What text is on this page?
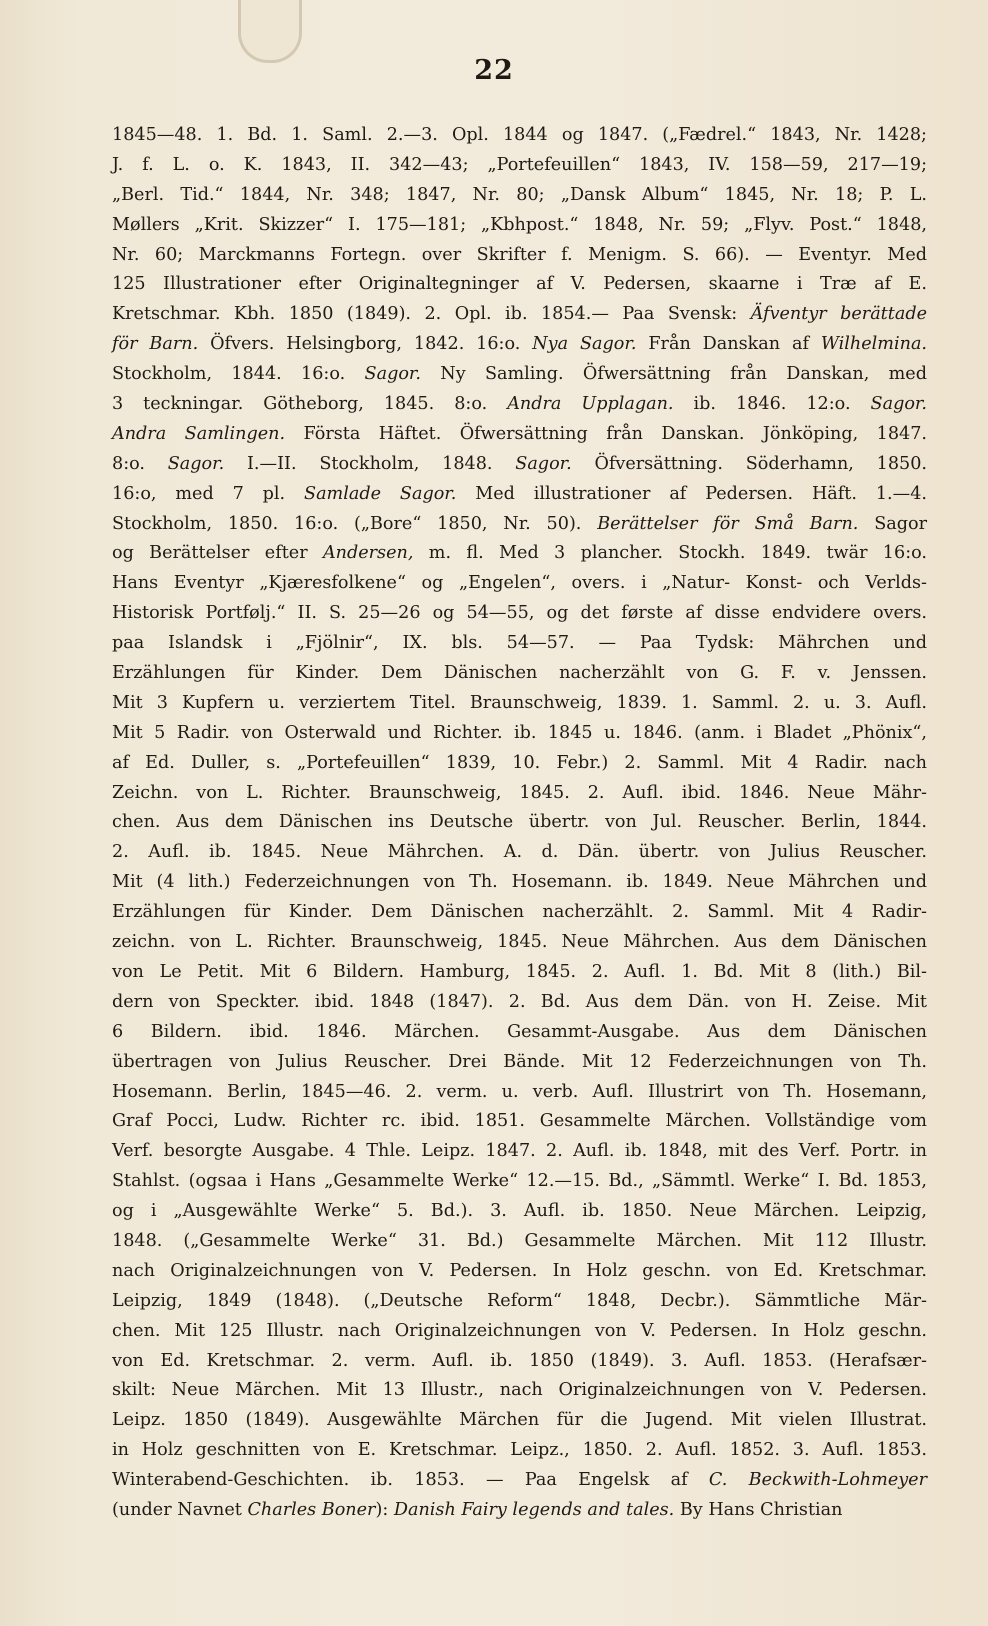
22
1845—48. 1. Bd. 1. Saml. 2.—3. Opl. 1844 og 1847. („Fædrel.“ 1843, Nr. 1428;
J. f. L. o. K. 1843, II. 342—43; „Portefeuillen“ 1843, IV. 158—59, 217—19;
„Berl. Tid.“ 1844, Nr. 348; 1847, Nr. 80; „Dansk Album“ 1845, Nr. 18; P. L.
Møllers „Krit. Skizzer“ I. 175—181; „Kbhpost.“ 1848, Nr. 59; „Flyv. Post.“ 1848,
Nr. 60; Marckmanns Fortegn. over Skrifter f. Menigm. S. 66). — Eventyr. Med
125 Illustrationer efter Originaltegninger af V. Pedersen, skaarne i Træ af E.
Kretschmar. Kbh. 1850 (1849). 2. Opl. ib. 1854.— Paa Svensk: Äfventyr berättade
för Barn. Öfvers. Helsingborg, 1842. 16:o. Nya Sagor. Från Danskan af Wilhelmina.
Stockholm, 1844. 16:o. Sagor. Ny Samling. Öfwersättning från Danskan, med
3 teckningar. Götheborg, 1845. 8:o. Andra Upplagan. ib. 1846. 12:o. Sagor.
Andra Samlingen. Första Häftet. Öfwersättning från Danskan. Jönköping, 1847.
8:o. Sagor. I.—II. Stockholm, 1848. Sagor. Öfversättning. Söderhamn, 1850.
16:o, med 7 pl. Samlade Sagor. Med illustrationer af Pedersen. Häft. 1.—4.
Stockholm, 1850. 16:o. („Bore“ 1850, Nr. 50). Berättelser för Små Barn. Sagor
og Berättelser efter Andersen, m. fl. Med 3 plancher. Stockh. 1849. twär 16:o.
Hans Eventyr „Kjæresfolkene“ og „Engelen“, overs. i „Natur- Konst- och Verlds-
Historisk Portfølj.“ II. S. 25—26 og 54—55, og det første af disse endvidere overs.
paa Islandsk i „Fjölnir“, IX. bls. 54—57. — Paa Tydsk: Mährchen und
Erzählungen für Kinder. Dem Dänischen nacherzählt von G. F. v. Jenssen.
Mit 3 Kupfern u. verziertem Titel. Braunschweig, 1839. 1. Samml. 2. u. 3. Aufl.
Mit 5 Radir. von Osterwald und Richter. ib. 1845 u. 1846. (anm. i Bladet „Phönix“,
af Ed. Duller, s. „Portefeuillen“ 1839, 10. Febr.) 2. Samml. Mit 4 Radir. nach
Zeichn. von L. Richter. Braunschweig, 1845. 2. Aufl. ibid. 1846. Neue Mähr-
chen. Aus dem Dänischen ins Deutsche übertr. von Jul. Reuscher. Berlin, 1844.
2. Aufl. ib. 1845. Neue Mährchen. A. d. Dän. übertr. von Julius Reuscher.
Mit (4 lith.) Federzeichnungen von Th. Hosemann. ib. 1849. Neue Mährchen und
Erzählungen für Kinder. Dem Dänischen nacherzählt. 2. Samml. Mit 4 Radir-
zeichn. von L. Richter. Braunschweig, 1845. Neue Mährchen. Aus dem Dänischen
von Le Petit. Mit 6 Bildern. Hamburg, 1845. 2. Aufl. 1. Bd. Mit 8 (lith.) Bil-
dern von Speckter. ibid. 1848 (1847). 2. Bd. Aus dem Dän. von H. Zeise. Mit
6 Bildern. ibid. 1846. Märchen. Gesammt-Ausgabe. Aus dem Dänischen
übertragen von Julius Reuscher. Drei Bände. Mit 12 Federzeichnungen von Th.
Hosemann. Berlin, 1845—46. 2. verm. u. verb. Aufl. Illustrirt von Th. Hosemann,
Graf Pocci, Ludw. Richter rc. ibid. 1851. Gesammelte Märchen. Vollständige vom
Verf. besorgte Ausgabe. 4 Thle. Leipz. 1847. 2. Aufl. ib. 1848, mit des Verf. Portr. in
Stahlst. (ogsaa i Hans „Gesammelte Werke“ 12.—15. Bd., „Sämmtl. Werke“ I. Bd. 1853,
og i „Ausgewählte Werke“ 5. Bd.). 3. Aufl. ib. 1850. Neue Märchen. Leipzig,
1848. („Gesammelte Werke“ 31. Bd.) Gesammelte Märchen. Mit 112 Illustr.
nach Originalzeichnungen von V. Pedersen. In Holz geschn. von Ed. Kretschmar.
Leipzig, 1849 (1848). („Deutsche Reform“ 1848, Decbr.). Sämmtliche Mär-
chen. Mit 125 Illustr. nach Originalzeichnungen von V. Pedersen. In Holz geschn.
von Ed. Kretschmar. 2. verm. Aufl. ib. 1850 (1849). 3. Aufl. 1853. (Herafsær-
skilt: Neue Märchen. Mit 13 Illustr., nach Originalzeichnungen von V. Pedersen.
Leipz. 1850 (1849). Ausgewählte Märchen für die Jugend. Mit vielen Illustrat.
in Holz geschnitten von E. Kretschmar. Leipz., 1850. 2. Aufl. 1852. 3. Aufl. 1853.
Winterabend-Geschichten. ib. 1853. — Paa Engelsk af C. Beckwith-Lohmeyer
(under Navnet Charles Boner): Danish Fairy legends and tales. By Hans Christian
